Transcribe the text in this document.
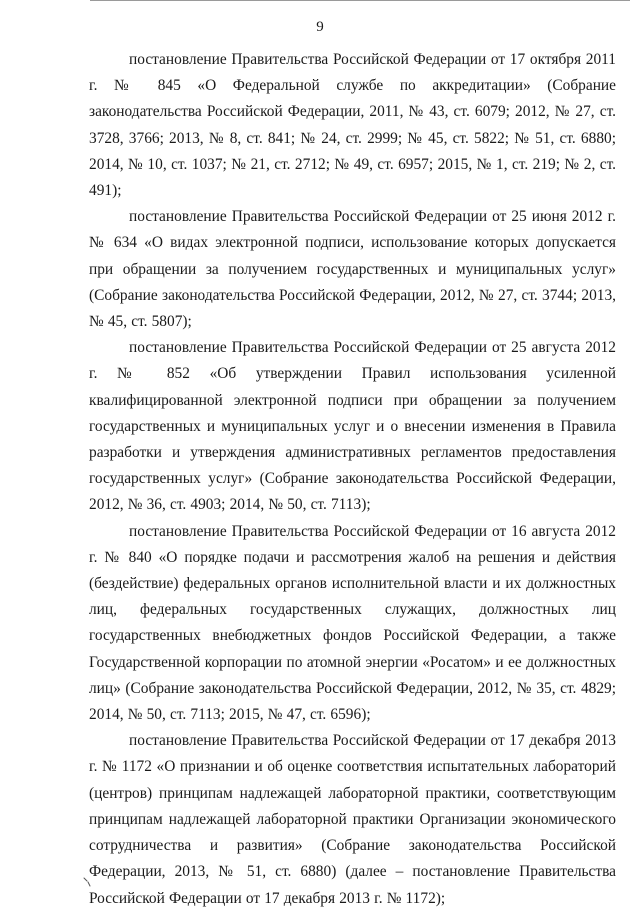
9

постановление Правительства Российской Федерации от 17 октября 2011 г. № 845 «О Федеральной службе по аккредитации» (Собрание законодательства Российской Федерации, 2011, № 43, ст. 6079; 2012, № 27, ст. 3728, 3766; 2013, № 8, ст. 841; № 24, ст. 2999; № 45, ст. 5822; № 51, ст. 6880; 2014, № 10, ст. 1037; № 21, ст. 2712; № 49, ст. 6957; 2015, № 1, ст. 219; № 2, ст. 491);

постановление Правительства Российской Федерации от 25 июня 2012 г. № 634 «О видах электронной подписи, использование которых допускается при обращении за получением государственных и муниципальных услуг» (Собрание законодательства Российской Федерации, 2012, № 27, ст. 3744; 2013, № 45, ст. 5807);

постановление Правительства Российской Федерации от 25 августа 2012 г. № 852 «Об утверждении Правил использования усиленной квалифицированной электронной подписи при обращении за получением государственных и муниципальных услуг и о внесении изменения в Правила разработки и утверждения административных регламентов предоставления государственных услуг» (Собрание законодательства Российской Федерации, 2012, № 36, ст. 4903; 2014, № 50, ст. 7113);

постановление Правительства Российской Федерации от 16 августа 2012 г. № 840 «О порядке подачи и рассмотрения жалоб на решения и действия (бездействие) федеральных органов исполнительной власти и их должностных лиц, федеральных государственных служащих, должностных лиц государственных внебюджетных фондов Российской Федерации, а также Государственной корпорации по атомной энергии «Росатом» и ее должностных лиц» (Собрание законодательства Российской Федерации, 2012, № 35, ст. 4829; 2014, № 50, ст. 7113; 2015, № 47, ст. 6596);

постановление Правительства Российской Федерации от 17 декабря 2013 г. № 1172 «О признании и об оценке соответствия испытательных лабораторий (центров) принципам надлежащей лабораторной практики, соответствующим принципам надлежащей лабораторной практики Организации экономического сотрудничества и развития» (Собрание законодательства Российской Федерации, 2013, № 51, ст. 6880) (далее – постановление Правительства Российской Федерации от 17 декабря 2013 г. № 1172);
